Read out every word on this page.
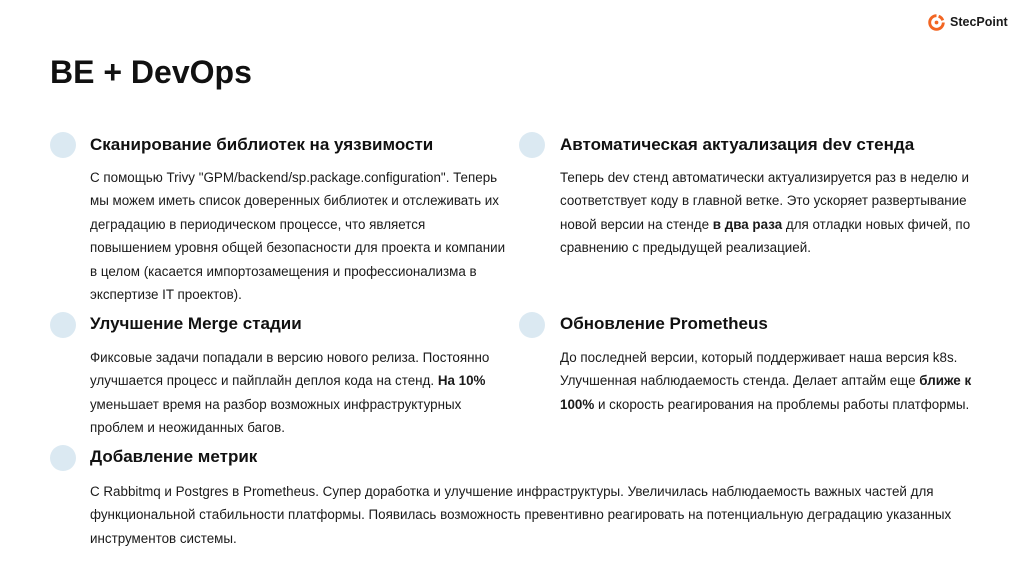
StecPoint
BE + DevOps
Сканирование библиотек на уязвимости

С помощью Trivy "GPM/backend/sp.package.configuration". Теперь мы можем иметь список доверенных библиотек и отслеживать их деградацию в периодическом процессе, что является повышением уровня общей безопасности для проекта и компании в целом (касается импортозамещения и профессионализма в экспертизе IT проектов).

Автоматическая актуализация dev стенда

Теперь dev стенд автоматически актуализируется раз в неделю и соответствует коду в главной ветке. Это ускоряет развертывание новой версии на стенде в два раза для отладки новых фичей, по сравнению с предыдущей реализацией.

Улучшение Merge стадии

Фиксовые задачи попадали в версию нового релиза. Постоянно улучшается процесс и пайплайн деплоя кода на стенд. На 10% уменьшает время на разбор возможных инфраструктурных проблем и неожиданных багов.

Обновление Prometheus

До последней версии, который поддерживает наша версия k8s. Улучшенная наблюдаемость стенда. Делает аптайм еще ближе к 100% и скорость реагирования на проблемы работы платформы.

Добавление метрик

С Rabbitmq и Postgres в Prometheus. Супер доработка и улучшение инфраструктуры. Увеличилась наблюдаемость важных частей для функциональной стабильности платформы. Появилась возможность превентивно реагировать на потенциальную деградацию указанных инструментов системы.
